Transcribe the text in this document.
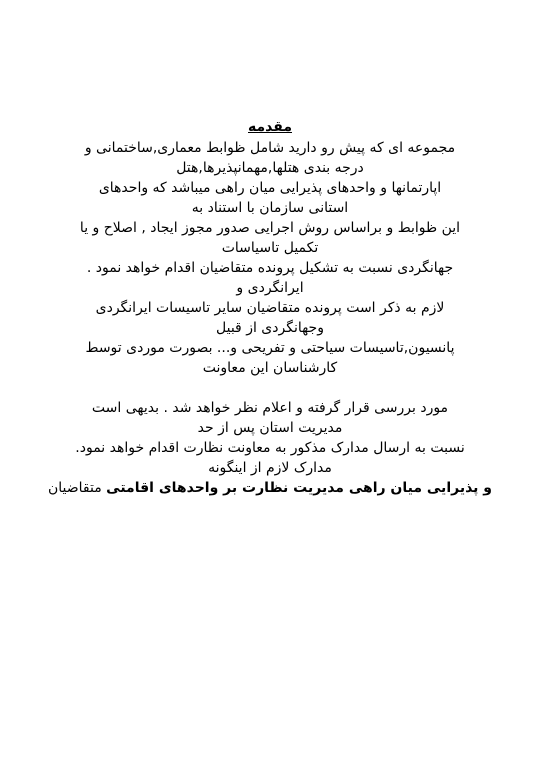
مقدمه
مجموعه ای که پیش رو دارید شامل ظوابط معماری,ساختمانی و
درجه بندی هتلها,مهمانپذیرها,هتل
اپارتمانها و واحدهای پذیرایی میان راهی میباشد که واحدهای
استانی سازمان با استناد به
این ظوابط و براساس روش اجرایی صدور مجوز ایجاد , اصلاح و یا
تکمیل تاسیاسات
جهانگردی نسبت به تشکیل پرونده متقاضیان اقدام خواهد نمود .
ایرانگردی و
لازم به ذکر است پرونده متقاضیان سایر تاسیسات ایرانگردی
وجهانگردی از قبیل
پانسیون,تاسیسات سیاحتی و تفریحی و... بصورت موردی توسط
کارشناسان این معاونت
مورد بررسی قرار گرفته و اعلام نظر خواهد شد . بدیهی است
مدیریت استان پس از حد
نسبت به ارسال مدارک مذکور به معاونت نظارت اقدام خواهد نمود.
مدارک لازم از اینگونه
و پذیرایی میان راهی مدیریت نظارت بر واحدهای اقامتی متقاضیان
